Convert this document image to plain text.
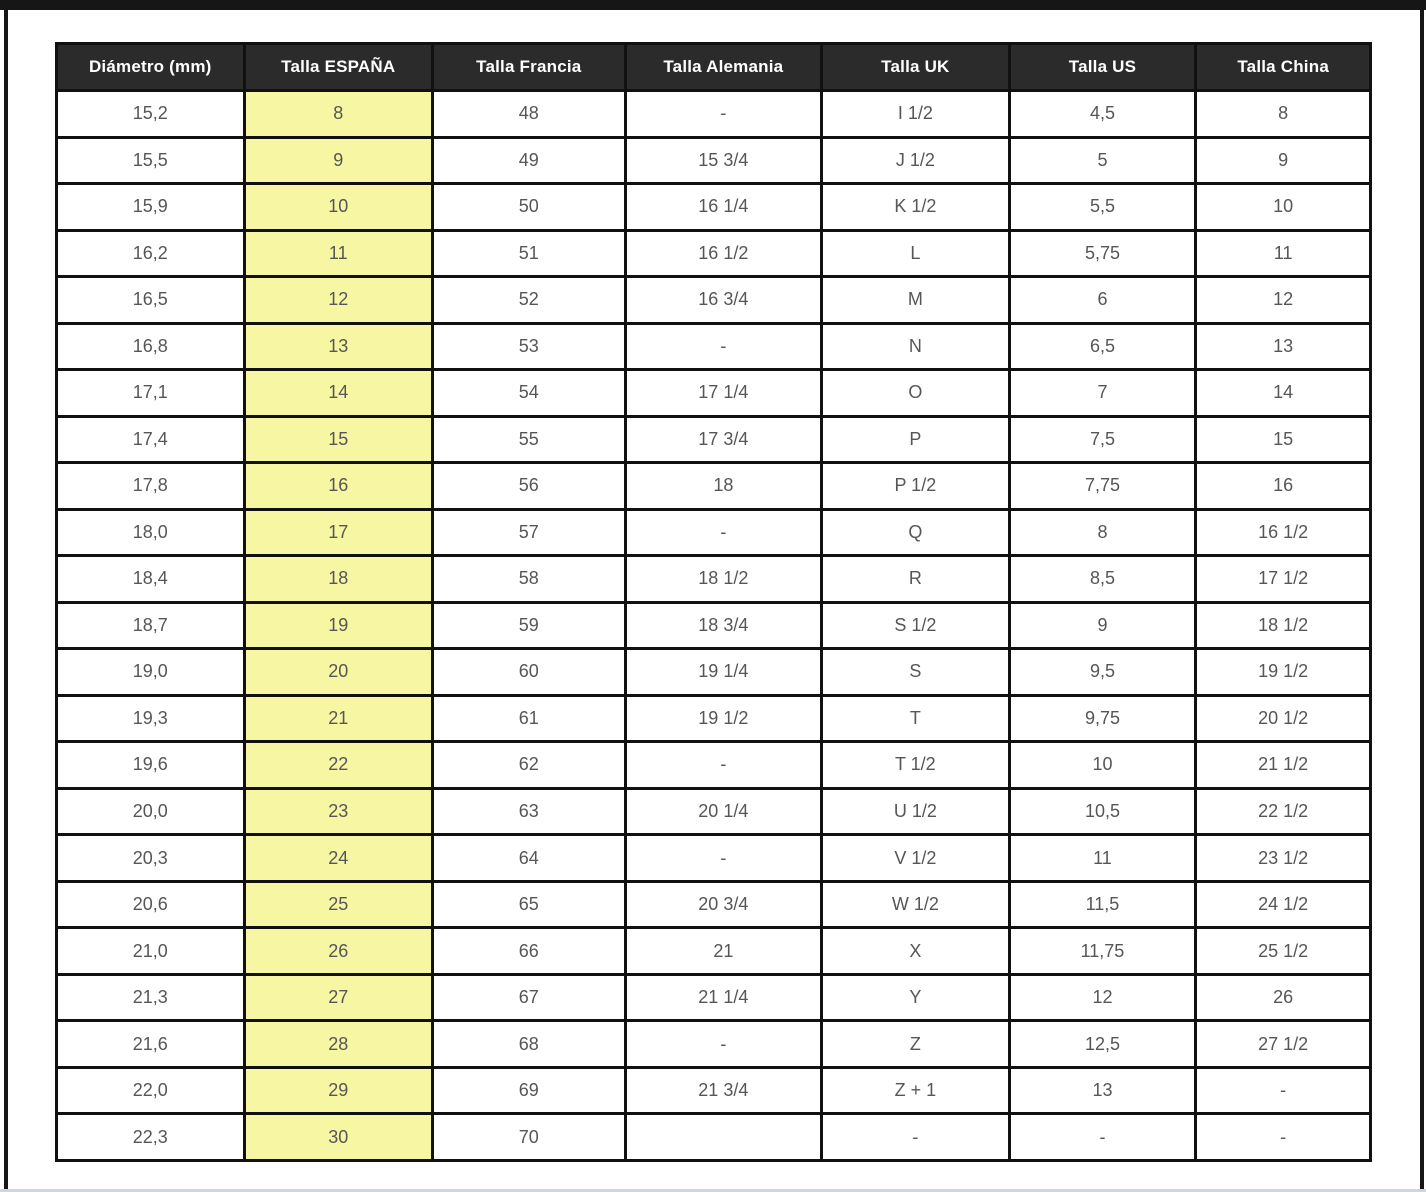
Diámetro (mm)	Talla ESPAÑA	Talla Francia	Talla Alemania	Talla UK	Talla US	Talla China
15,2	8	48	-	I 1/2	4,5	8
15,5	9	49	15 3/4	J 1/2	5	9
15,9	10	50	16 1/4	K 1/2	5,5	10
16,2	11	51	16 1/2	L	5,75	11
16,5	12	52	16 3/4	M	6	12
16,8	13	53	-	N	6,5	13
17,1	14	54	17 1/4	O	7	14
17,4	15	55	17 3/4	P	7,5	15
17,8	16	56	18	P 1/2	7,75	16
18,0	17	57	-	Q	8	16 1/2
18,4	18	58	18 1/2	R	8,5	17 1/2
18,7	19	59	18 3/4	S 1/2	9	18 1/2
19,0	20	60	19 1/4	S	9,5	19 1/2
19,3	21	61	19 1/2	T	9,75	20 1/2
19,6	22	62	-	T 1/2	10	21 1/2
20,0	23	63	20 1/4	U 1/2	10,5	22 1/2
20,3	24	64	-	V 1/2	11	23 1/2
20,6	25	65	20 3/4	W 1/2	11,5	24 1/2
21,0	26	66	21	X	11,75	25 1/2
21,3	27	67	21 1/4	Y	12	26
21,6	28	68	-	Z	12,5	27 1/2
22,0	29	69	21 3/4	Z + 1	13	-
22,3	30	70		-	-	-
